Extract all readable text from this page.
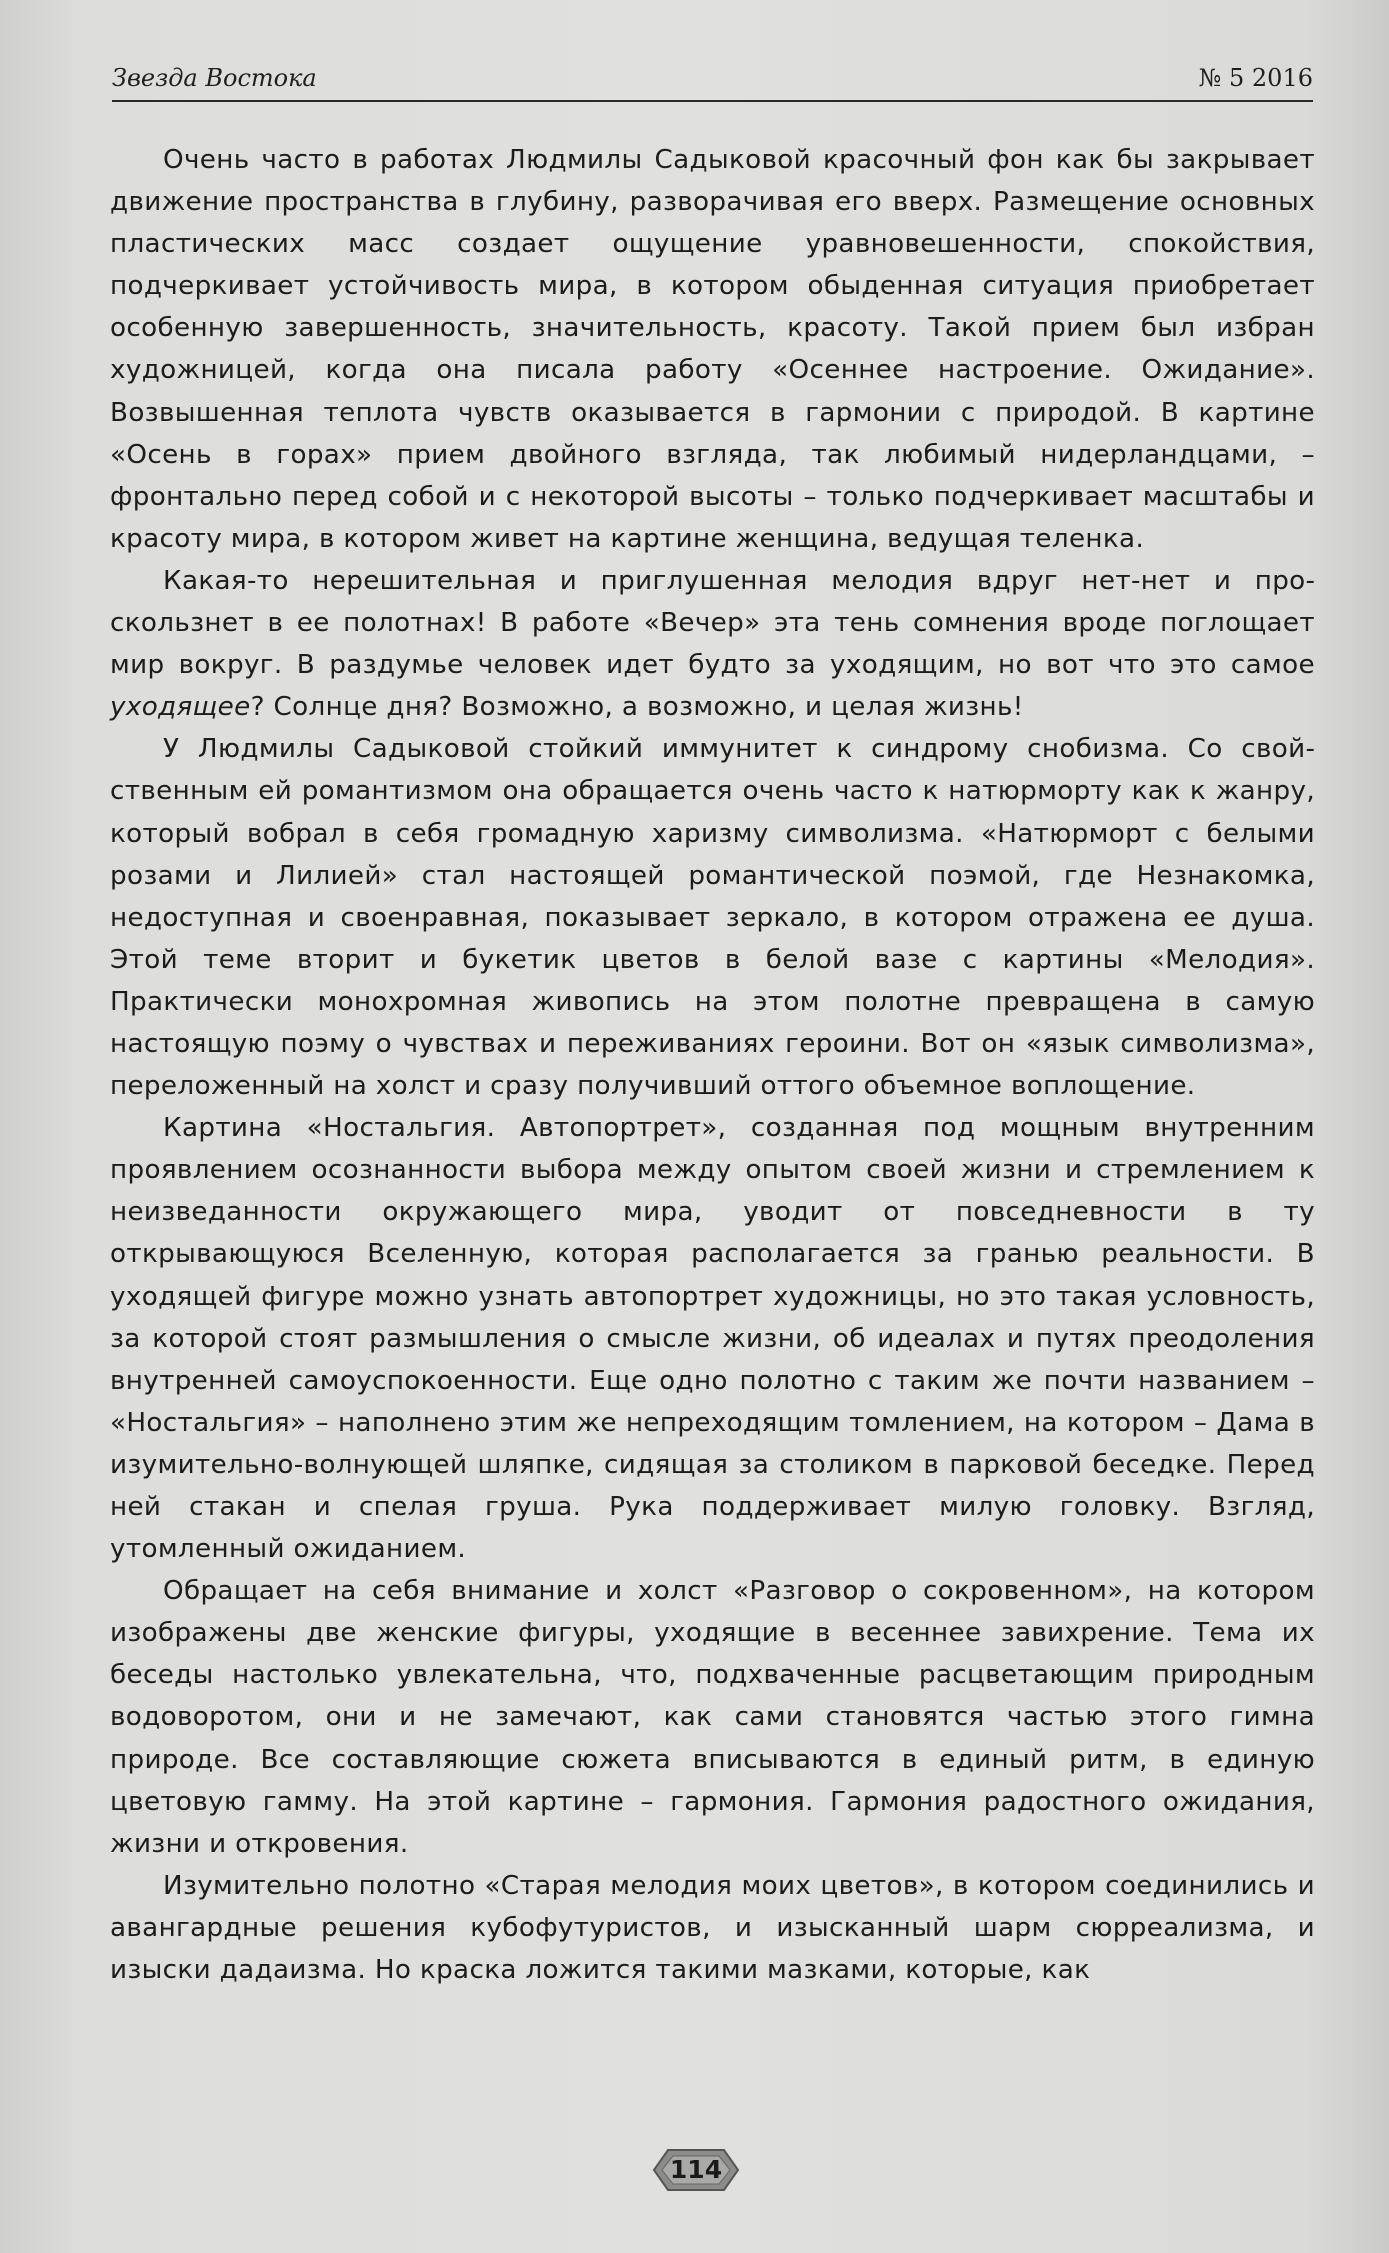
Звезда Востока	№ 5 2016

Очень часто в работах Людмилы Садыковой красочный фон как бы закрывает движение пространства в глубину, разворачивая его вверх. Размещение основных пластических масс создает ощущение уравновешенности, спокойствия, подчеркивает устойчивость мира, в котором обыденная ситуация приобретает особенную завершенность, значительность, красоту. Такой прием был избран художницей, когда она писала работу «Осеннее настроение. Ожидание». Возвышенная теплота чувств оказывается в гармонии с природой. В картине «Осень в горах» прием двойного взгляда, так любимый нидерландцами, – фронтально перед собой и с некоторой высоты – только подчеркивает масштабы и красоту мира, в котором живет на картине женщина, ведущая теленка.

Какая-то нерешительная и приглушенная мелодия вдруг нет-нет и проскользнет в ее полотнах! В работе «Вечер» эта тень сомнения вроде поглощает мир вокруг. В раздумье человек идет будто за уходящим, но вот что это самое уходящее? Солнце дня? Возможно, а возможно, и целая жизнь!

У Людмилы Садыковой стойкий иммунитет к синдрому снобизма. Со свойственным ей романтизмом она обращается очень часто к натюрморту как к жанру, который вобрал в себя громадную харизму символизма. «Натюрморт с белыми розами и Лилией» стал настоящей романтической поэмой, где Незнакомка, недоступная и своенравная, показывает зеркало, в котором отражена ее душа. Этой теме вторит и букетик цветов в белой вазе с картины «Мелодия». Практически монохромная живопись на этом полотне превращена в самую настоящую поэму о чувствах и переживаниях героини. Вот он «язык символизма», переложенный на холст и сразу получивший оттого объемное воплощение.

Картина «Ностальгия. Автопортрет», созданная под мощным внутренним проявлением осознанности выбора между опытом своей жизни и стремлением к неизведанности окружающего мира, уводит от повседневности в ту открывающуюся Вселенную, которая располагается за гранью реальности. В уходящей фигуре можно узнать автопортрет художницы, но это такая условность, за которой стоят размышления о смысле жизни, об идеалах и путях преодоления внутренней самоуспокоенности. Еще одно полотно с таким же почти названием – «Ностальгия» – наполнено этим же непреходящим томлением, на котором – Дама в изумительно-волнующей шляпке, сидящая за столиком в парковой беседке. Перед ней стакан и спелая груша. Рука поддерживает милую головку. Взгляд, утомленный ожиданием.

Обращает на себя внимание и холст «Разговор о сокровенном», на котором изображены две женские фигуры, уходящие в весеннее завихрение. Тема их беседы настолько увлекательна, что, подхваченные расцветающим природным водоворотом, они и не замечают, как сами становятся частью этого гимна природе. Все составляющие сюжета вписываются в единый ритм, в единую цветовую гамму. На этой картине – гармония. Гармония радостного ожидания, жизни и откровения.

Изумительно полотно «Старая мелодия моих цветов», в котором соединились и авангардные решения кубофутуристов, и изысканный шарм сюрреализма, и изыски дадаизма. Но краска ложится такими мазками, которые, как

114
